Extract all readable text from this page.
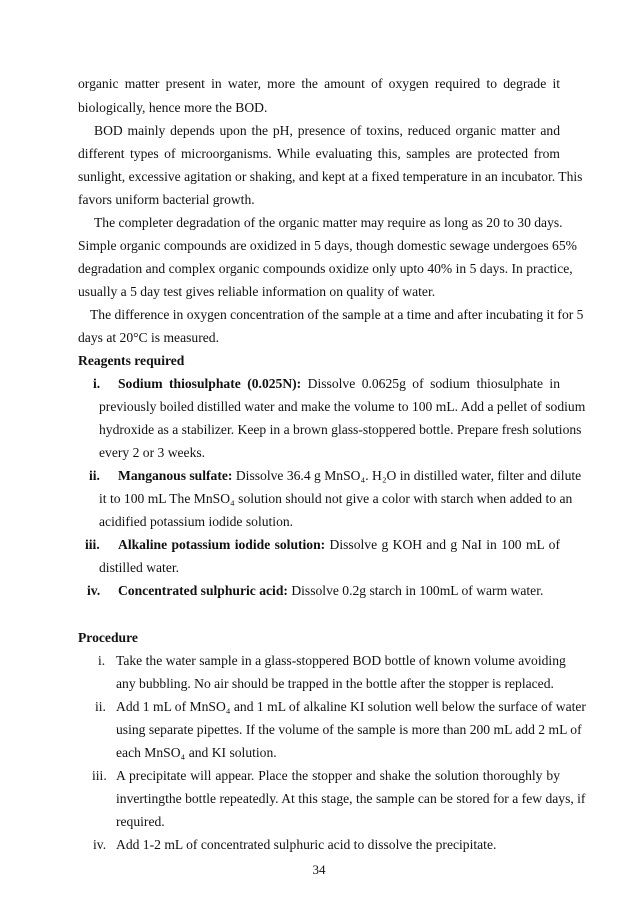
organic matter present in water, more the amount of oxygen required to degrade it
biologically, hence more the BOD.
BOD mainly depends upon the pH, presence of toxins, reduced organic matter and
different types of microorganisms. While evaluating this, samples are protected from
sunlight, excessive agitation or shaking, and kept at a fixed temperature in an incubator. This
favors uniform bacterial growth.
The completer degradation of the organic matter may require as long as 20 to 30 days.
Simple organic compounds are oxidized in 5 days, though domestic sewage undergoes 65%
degradation and complex organic compounds oxidize only upto 40% in 5 days. In practice,
usually a 5 day test gives reliable information on quality of water.
The difference in oxygen concentration of the sample at a time and after incubating it for 5
days at 20°C is measured.
Reagents required
i. Sodium thiosulphate (0.025N): Dissolve 0.0625g of sodium thiosulphate in
previously boiled distilled water and make the volume to 100 mL. Add a pellet of sodium
hydroxide as a stabilizer. Keep in a brown glass-stoppered bottle. Prepare fresh solutions
every 2 or 3 weeks.
ii. Manganous sulfate: Dissolve 36.4 g MnSO₄. H₂O in distilled water, filter and dilute
it to 100 mL The MnSO₄ solution should not give a color with starch when added to an
acidified potassium iodide solution.
iii. Alkaline potassium iodide solution: Dissolve g KOH and g NaI in 100 mL of
distilled water.
iv. Concentrated sulphuric acid: Dissolve 0.2g starch in 100mL of warm water.
Procedure
i. Take the water sample in a glass-stoppered BOD bottle of known volume avoiding
any bubbling. No air should be trapped in the bottle after the stopper is replaced.
ii. Add 1 mL of MnSO₄ and 1 mL of alkaline KI solution well below the surface of water
using separate pipettes. If the volume of the sample is more than 200 mL add 2 mL of
each MnSO₄ and KI solution.
iii. A precipitate will appear. Place the stopper and shake the solution thoroughly by
invertingthe bottle repeatedly. At this stage, the sample can be stored for a few days, if
required.
iv. Add 1-2 mL of concentrated sulphuric acid to dissolve the precipitate.
34
